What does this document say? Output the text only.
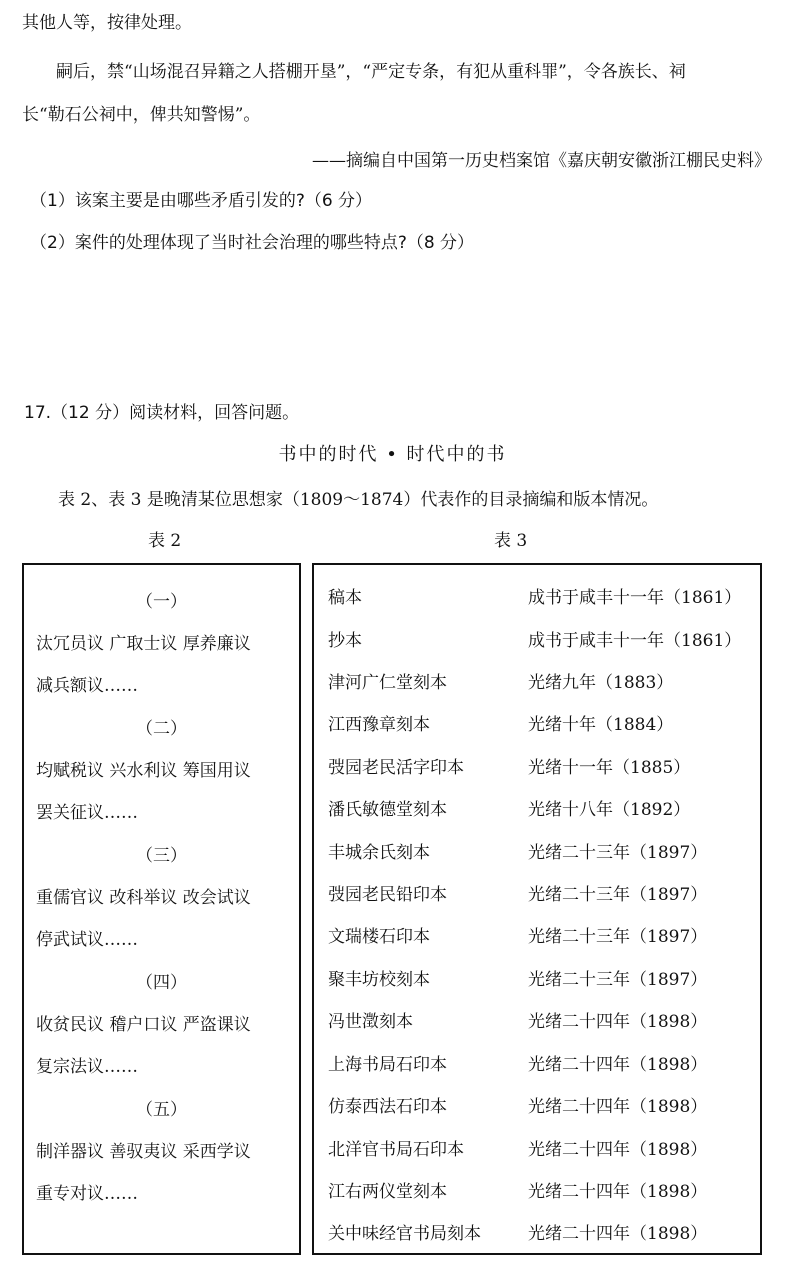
其他人等，按律处理。
嗣后，禁“山场混召异籍之人搭棚开垦”，“严定专条，有犯从重科罪”，令各族长、祠
长“勒石公祠中，俾共知警惕”。
——摘编自中国第一历史档案馆《嘉庆朝安徽浙江棚民史料》
（1）该案主要是由哪些矛盾引发的?（6 分）
（2）案件的处理体现了当时社会治理的哪些特点?（8 分）
17.（12 分）阅读材料，回答问题。
书中的时代 • 时代中的书
表 2、表 3 是晚清某位思想家（1809～1874）代表作的目录摘编和版本情况。
表 2	表 3
（一）
汰冗员议 广取士议 厚养廉议
减兵额议……
（二）
均赋税议 兴水利议 筹国用议
罢关征议……
（三）
重儒官议 改科举议 改会试议
停武试议……
（四）
收贫民议 稽户口议 严盗课议
复宗法议……
（五）
制洋器议 善驭夷议 采西学议
重专对议……
稿本	成书于咸丰十一年（1861）
抄本	成书于咸丰十一年（1861）
津河广仁堂刻本	光绪九年（1883）
江西豫章刻本	光绪十年（1884）
弢园老民活字印本	光绪十一年（1885）
潘氏敏德堂刻本	光绪十八年（1892）
丰城余氏刻本	光绪二十三年（1897）
弢园老民铅印本	光绪二十三年（1897）
文瑞楼石印本	光绪二十三年（1897）
聚丰坊校刻本	光绪二十三年（1897）
冯世澂刻本	光绪二十四年（1898）
上海书局石印本	光绪二十四年（1898）
仿泰西法石印本	光绪二十四年（1898）
北洋官书局石印本	光绪二十四年（1898）
江右两仪堂刻本	光绪二十四年（1898）
关中味经官书局刻本	光绪二十四年（1898）
